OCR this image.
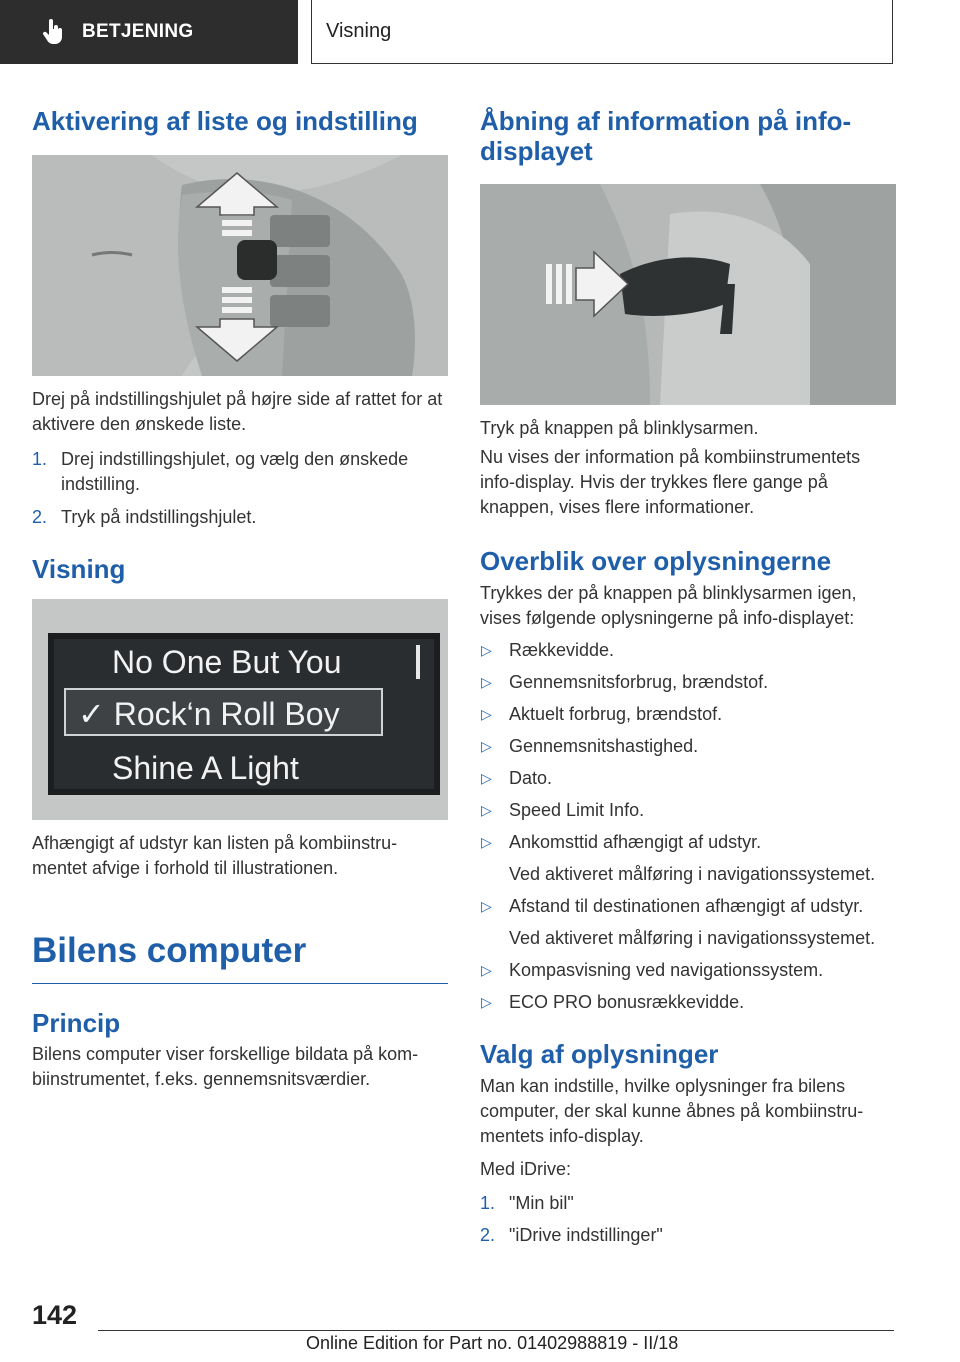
BETJENING	Visning
Aktivering af liste og indstilling

Drej på indstillingshjulet på højre side af rattet for at aktivere den ønskede liste.

1. Drej indstillingshjulet, og vælg den ønskede indstilling.
2. Tryk på indstillingshjulet.
Visning
No One But You
✓ Rock‘n Roll Boy
Shine A Light

Afhængigt af udstyr kan listen på kombiinstru-mentet afvige i forhold til illustrationen.

Bilens computer
Princip

Bilens computer viser forskellige bildata på kom-biinstrumentet, f.eks. gennemsnitsværdier.

Åbning af information på info-displayet

Tryk på knappen på blinklysarmen.

Nu vises der information på kombiinstrumentets info-display. Hvis der trykkes flere gange på knappen, vises flere informationer.

Overblik over oplysningerne

Trykkes der på knappen på blinklysarmen igen, vises følgende oplysningerne på info-displayet:

▷ Rækkevidde.
▷ Gennemsnitsforbrug, brændstof.
▷ Aktuelt forbrug, brændstof.
▷ Gennemsnitshastighed.
▷ Dato.
▷ Speed Limit Info.
▷ Ankomsttid afhængigt af udstyr.
Ved aktiveret målføring i navigationssystemet.
▷ Afstand til destinationen afhængigt af udstyr.
Ved aktiveret målføring i navigationssystemet.
▷ Kompasvisning ved navigationssystem.
▷ ECO PRO bonusrækkevidde.
Valg af oplysninger

Man kan indstille, hvilke oplysninger fra bilens computer, der skal kunne åbnes på kombiinstru-mentets info-display.

Med iDrive:

1. "Min bil"
2. "iDrive indstillinger"
142
Online Edition for Part no. 01402988819 - II/18
